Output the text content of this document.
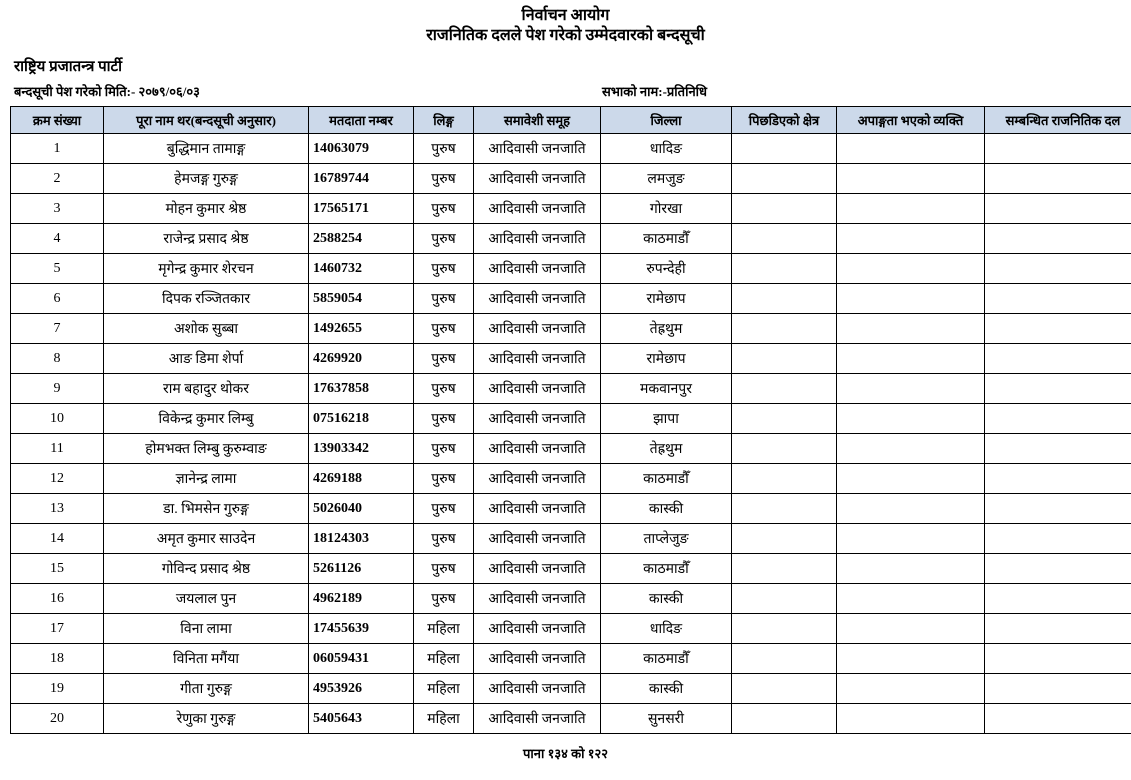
निर्वाचन आयोग
राजनितिक दलले पेश गरेको उम्मेदवारको बन्दसूची
राष्ट्रिय प्रजातन्त्र पार्टी
बन्दसूची पेश गरेको मिति:- २०७९/०६/०३	सभाको नाम:-प्रतिनिधि
क्रम संख्या	पूरा नाम थर(बन्दसूची अनुसार)	मतदाता नम्बर	लिङ्ग	समावेशी समूह	जिल्ला	पिछडिएको क्षेत्र	अपाङ्गता भएको व्यक्ति	सम्बन्धित राजनितिक दल
1	बुद्धिमान तामाङ्ग	14063079	पुरुष	आदिवासी जनजाति	धादिङ			
2	हेमजङ्ग गुरुङ्ग	16789744	पुरुष	आदिवासी जनजाति	लमजुङ			
3	मोहन कुमार श्रेष्ठ	17565171	पुरुष	आदिवासी जनजाति	गोरखा			
4	राजेन्द्र प्रसाद श्रेष्ठ	2588254	पुरुष	आदिवासी जनजाति	काठमाडौँ			
5	मृगेन्द्र कुमार शेरचन	1460732	पुरुष	आदिवासी जनजाति	रुपन्देही			
6	दिपक रञ्जितकार	5859054	पुरुष	आदिवासी जनजाति	रामेछाप			
7	अशोक सुब्बा	1492655	पुरुष	आदिवासी जनजाति	तेह्रथुम			
8	आङ डिमा शेर्पा	4269920	पुरुष	आदिवासी जनजाति	रामेछाप			
9	राम बहादुर थोकर	17637858	पुरुष	आदिवासी जनजाति	मकवानपुर			
10	विकेन्द्र कुमार लिम्बु	07516218	पुरुष	आदिवासी जनजाति	झापा			
11	होमभक्त लिम्बु कुरुम्वाङ	13903342	पुरुष	आदिवासी जनजाति	तेह्रथुम			
12	ज्ञानेन्द्र लामा	4269188	पुरुष	आदिवासी जनजाति	काठमाडौँ			
13	डा. भिमसेन गुरुङ्ग	5026040	पुरुष	आदिवासी जनजाति	कास्की			
14	अमृत कुमार साउदेन	18124303	पुरुष	आदिवासी जनजाति	ताप्लेजुङ			
15	गोविन्द प्रसाद श्रेष्ठ	5261126	पुरुष	आदिवासी जनजाति	काठमाडौँ			
16	जयलाल पुन	4962189	पुरुष	आदिवासी जनजाति	कास्की			
17	विना लामा	17455639	महिला	आदिवासी जनजाति	धादिङ			
18	विनिता मगैंया	06059431	महिला	आदिवासी जनजाति	काठमाडौँ			
19	गीता गुरुङ्ग	4953926	महिला	आदिवासी जनजाति	कास्की			
20	रेणुका गुरुङ्ग	5405643	महिला	आदिवासी जनजाति	सुनसरी			
पाना १३४ को १२२
